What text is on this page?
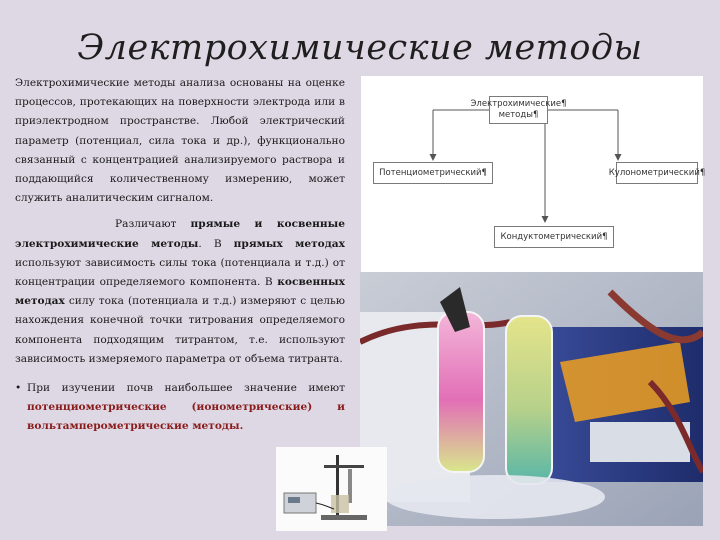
Электрохимические методы

Электрохимические методы анализа основаны на оценке процессов, протекающих на поверхности электрода или в приэлектродном пространстве. Любой электрический параметр (потенциал, сила тока и др.), функционально связанный с концентрацией анализируемого раствора и поддающийся количественному измерению, может служить аналитическим сигналом.

Различают прямые и косвенные электрохимические методы. В прямых методах используют зависимость силы тока (потенциала и т.д.) от концентрации определяемого компонента. В косвенных методах силу тока (потенциала и т.д.) измеряют с целью нахождения конечной точки титрования определяемого компонента подходящим титрантом, т.е. используют зависимость измеряемого параметра от объема титранта.

• При изучении почв наибольшее значение имеют потенциометрические (ионометрические) и вольтамперометрические методы.

Электрохимические¶
методы¶
Потенциометрический¶	Кулонометрический¶
Кондуктометрический¶
